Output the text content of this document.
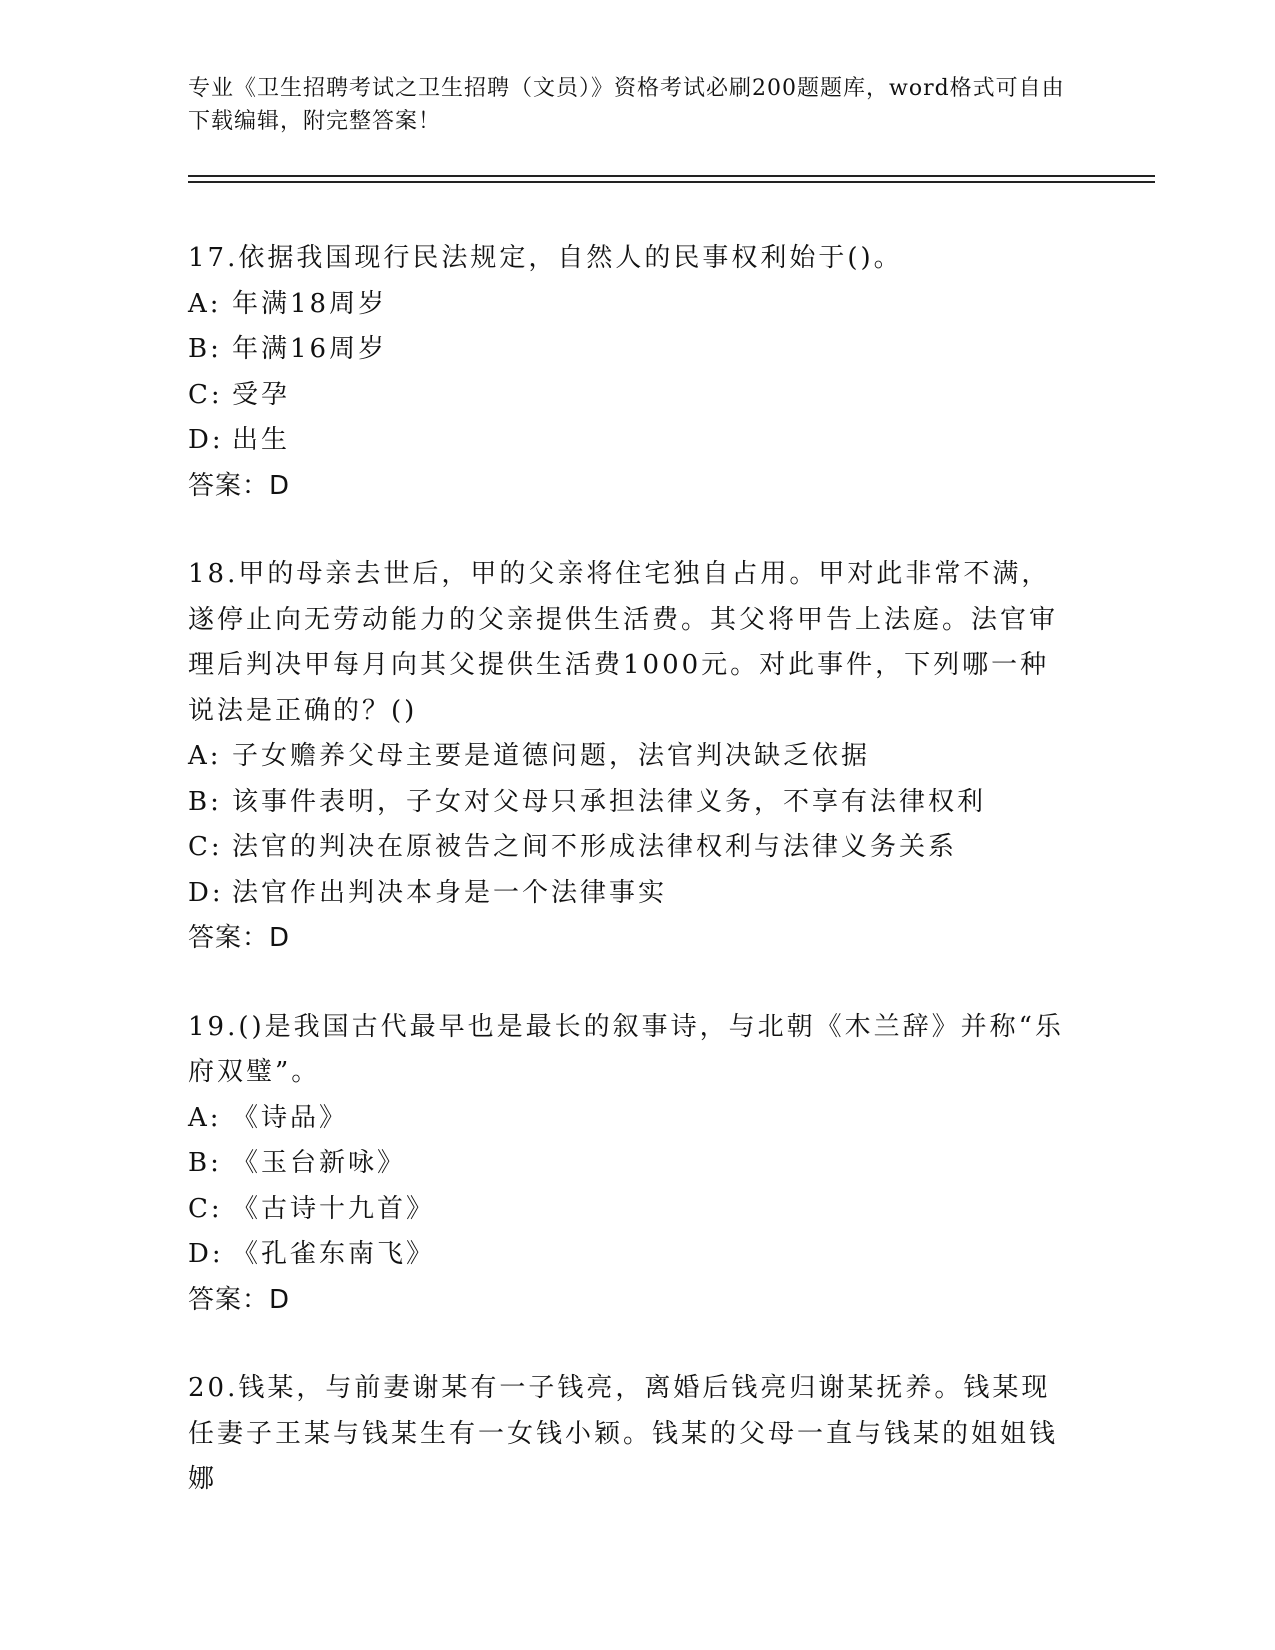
专业《卫生招聘考试之卫生招聘（文员）》资格考试必刷200题题库，word格式可自由下载编辑，附完整答案！

17.依据我国现行民法规定，自然人的民事权利始于()。

A: 年满18周岁

B: 年满16周岁

C: 受孕

D: 出生

答案：D

18.甲的母亲去世后，甲的父亲将住宅独自占用。甲对此非常不满，遂停止向无劳动能力的父亲提供生活费。其父将甲告上法庭。法官审理后判决甲每月向其父提供生活费1000元。对此事件，下列哪一种说法是正确的？()

A: 子女赡养父母主要是道德问题，法官判决缺乏依据

B: 该事件表明，子女对父母只承担法律义务，不享有法律权利

C: 法官的判决在原被告之间不形成法律权利与法律义务关系

D: 法官作出判决本身是一个法律事实

答案：D

19.()是我国古代最早也是最长的叙事诗，与北朝《木兰辞》并称“乐府双璧”。

A: 《诗品》

B: 《玉台新咏》

C: 《古诗十九首》

D: 《孔雀东南飞》

答案：D

20.钱某，与前妻谢某有一子钱亮，离婚后钱亮归谢某抚养。钱某现任妻子王某与钱某生有一女钱小颖。钱某的父母一直与钱某的姐姐钱娜
